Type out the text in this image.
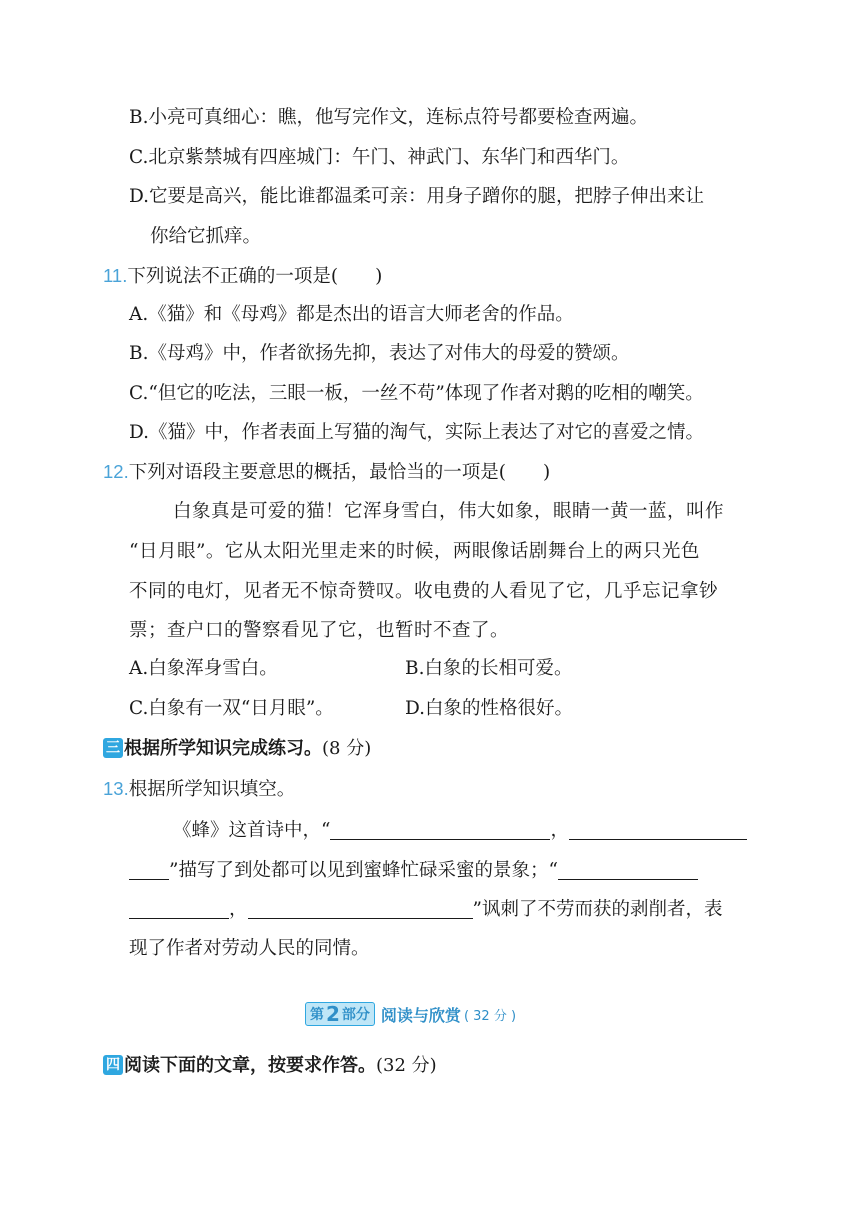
B.小亮可真细心：瞧，他写完作文，连标点符号都要检查两遍。
C.北京紫禁城有四座城门：午门、神武门、东华门和西华门。
D.它要是高兴，能比谁都温柔可亲：用身子蹭你的腿，把脖子伸出来让
你给它抓痒。
11.下列说法不正确的一项是(　　)
A.《猫》和《母鸡》都是杰出的语言大师老舍的作品。
B.《母鸡》中，作者欲扬先抑，表达了对伟大的母爱的赞颂。
C.“但它的吃法，三眼一板，一丝不苟”体现了作者对鹅的吃相的嘲笑。
D.《猫》中，作者表面上写猫的淘气，实际上表达了对它的喜爱之情。
12.下列对语段主要意思的概括，最恰当的一项是(　　)
白象真是可爱的猫！它浑身雪白，伟大如象，眼睛一黄一蓝，叫作
“日月眼”。它从太阳光里走来的时候，两眼像话剧舞台上的两只光色
不同的电灯，见者无不惊奇赞叹。收电费的人看见了它，几乎忘记拿钞
票；查户口的警察看见了它，也暂时不查了。
A.白象浑身雪白。	B.白象的长相可爱。
C.白象有一双“日月眼”。	D.白象的性格很好。
三 根据所学知识完成练习。(8 分)
13.根据所学知识填空。
《蜂》这首诗中，“	，
”描写了到处都可以见到蜜蜂忙碌采蜜的景象；“
，	”讽刺了不劳而获的剥削者，表
现了作者对劳动人民的同情。
第 2 部分 阅读与欣赏 ( 32 分 )
四 阅读下面的文章，按要求作答。(32 分)
